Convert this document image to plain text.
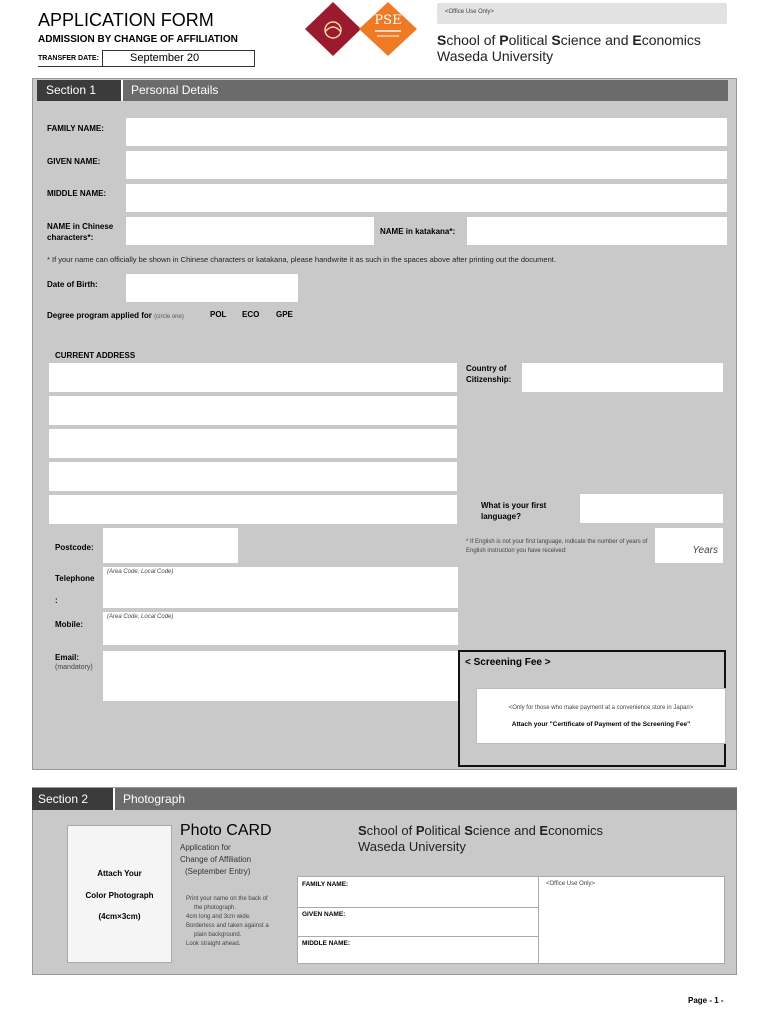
APPLICATION FORM
ADMISSION BY CHANGE OF AFFILIATION
TRANSFER DATE:	September 20
PSE
<Office Use Only>
School of Political Science and Economics
Waseda University
Section 1	Personal Details
FAMILY NAME:
GIVEN NAME:
MIDDLE NAME:
NAME in Chinese characters*:
NAME in katakana*:
* If your name can officially be shown in Chinese characters or katakana, please handwrite it as such in the spaces above after printing out the document.
Date of Birth:
Degree program applied for (circle one)	POL ECO GPE
CURRENT ADDRESS
Country of Citizenship:
What is your first language?
Postcode:
* If English is not your first language, indicate the number of years of English instruction you have received:	Years
Telephone
:
(Area Code, Local Code)
Mobile:
(Area Code, Local Code)
Email:
(mandatory)	< Screening Fee >
<Only for those who make payment at a convenience store in Japan>
Attach your "Certificate of Payment of the Screening Fee"
Section 2	Photograph
Attach Your
Color Photograph
(4cm×3cm)
Photo CARD
Application for
Change of Affiliation
(September Entry)
Print your name on the back of
the photograph.
4cm long and 3cm wide.
Borderless and taken against a
plain background.
Look straight ahead.
School of Political Science and Economics
Waseda University
FAMILY NAME:
GIVEN NAME:
MIDDLE NAME:
<Office Use Only>
Page - 1 -
